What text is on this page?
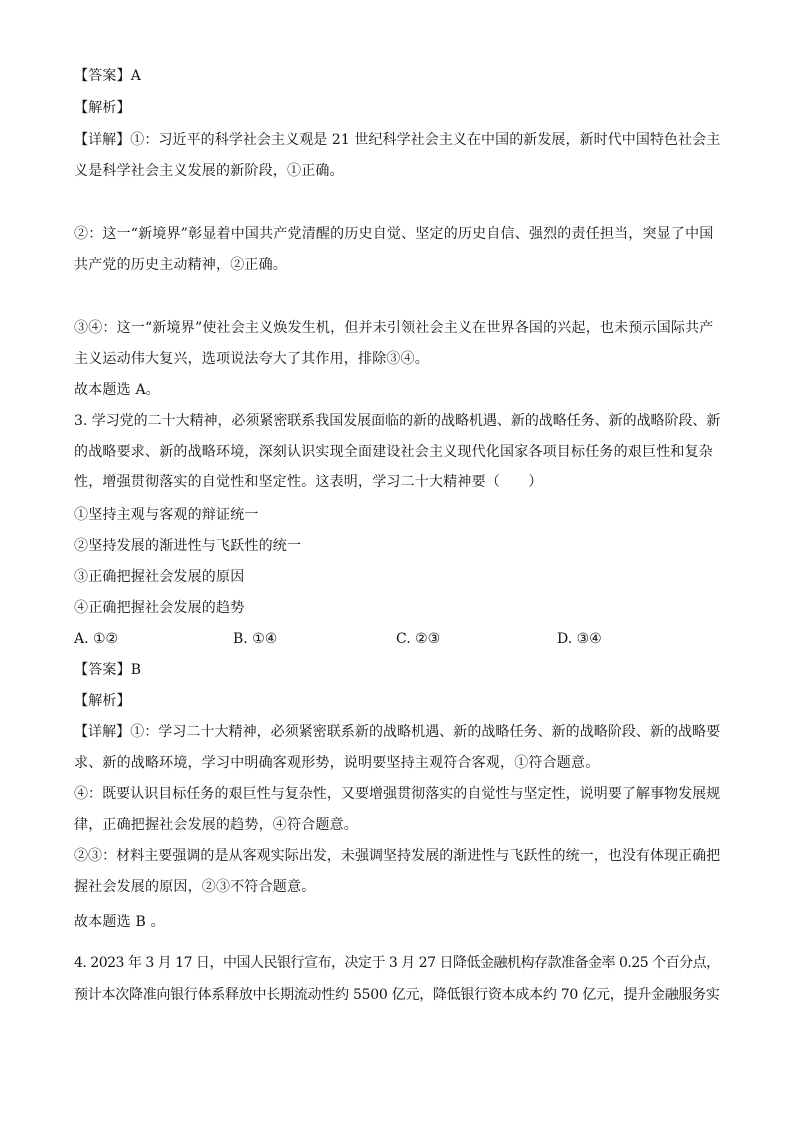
【答案】A
【解析】
【详解】①：习近平的科学社会主义观是 21 世纪科学社会主义在中国的新发展，新时代中国特色社会主
义是科学社会主义发展的新阶段，①正确。
②：这一“新境界”彰显着中国共产党清醒的历史自觉、坚定的历史自信、强烈的责任担当，突显了中国
共产党的历史主动精神，②正确。
③④：这一“新境界”使社会主义焕发生机，但并未引领社会主义在世界各国的兴起，也未预示国际共产
主义运动伟大复兴，选项说法夸大了其作用，排除③④。
故本题选 A。
3. 学习党的二十大精神，必须紧密联系我国发展面临的新的战略机遇、新的战略任务、新的战略阶段、新
的战略要求、新的战略环境，深刻认识实现全面建设社会主义现代化国家各项目标任务的艰巨性和复杂
性，增强贯彻落实的自觉性和坚定性。这表明，学习二十大精神要（　　）
①坚持主观与客观的辩证统一
②坚持发展的渐进性与飞跃性的统一
③正确把握社会发展的原因
④正确把握社会发展的趋势
A. ①②	B. ①④	C. ②③	D. ③④
【答案】B
【解析】
【详解】①：学习二十大精神，必须紧密联系新的战略机遇、新的战略任务、新的战略阶段、新的战略要
求、新的战略环境，学习中明确客观形势，说明要坚持主观符合客观，①符合题意。
④：既要认识目标任务的艰巨性与复杂性，又要增强贯彻落实的自觉性与坚定性，说明要了解事物发展规
律，正确把握社会发展的趋势，④符合题意。
②③：材料主要强调的是从客观实际出发，未强调坚持发展的渐进性与飞跃性的统一，也没有体现正确把
握社会发展的原因，②③不符合题意。
故本题选 B 。
4. 2023 年 3 月 17 日，中国人民银行宣布，决定于 3 月 27 日降低金融机构存款准备金率 0.25 个百分点，
预计本次降准向银行体系释放中长期流动性约 5500 亿元，降低银行资本成本约 70 亿元，提升金融服务实
